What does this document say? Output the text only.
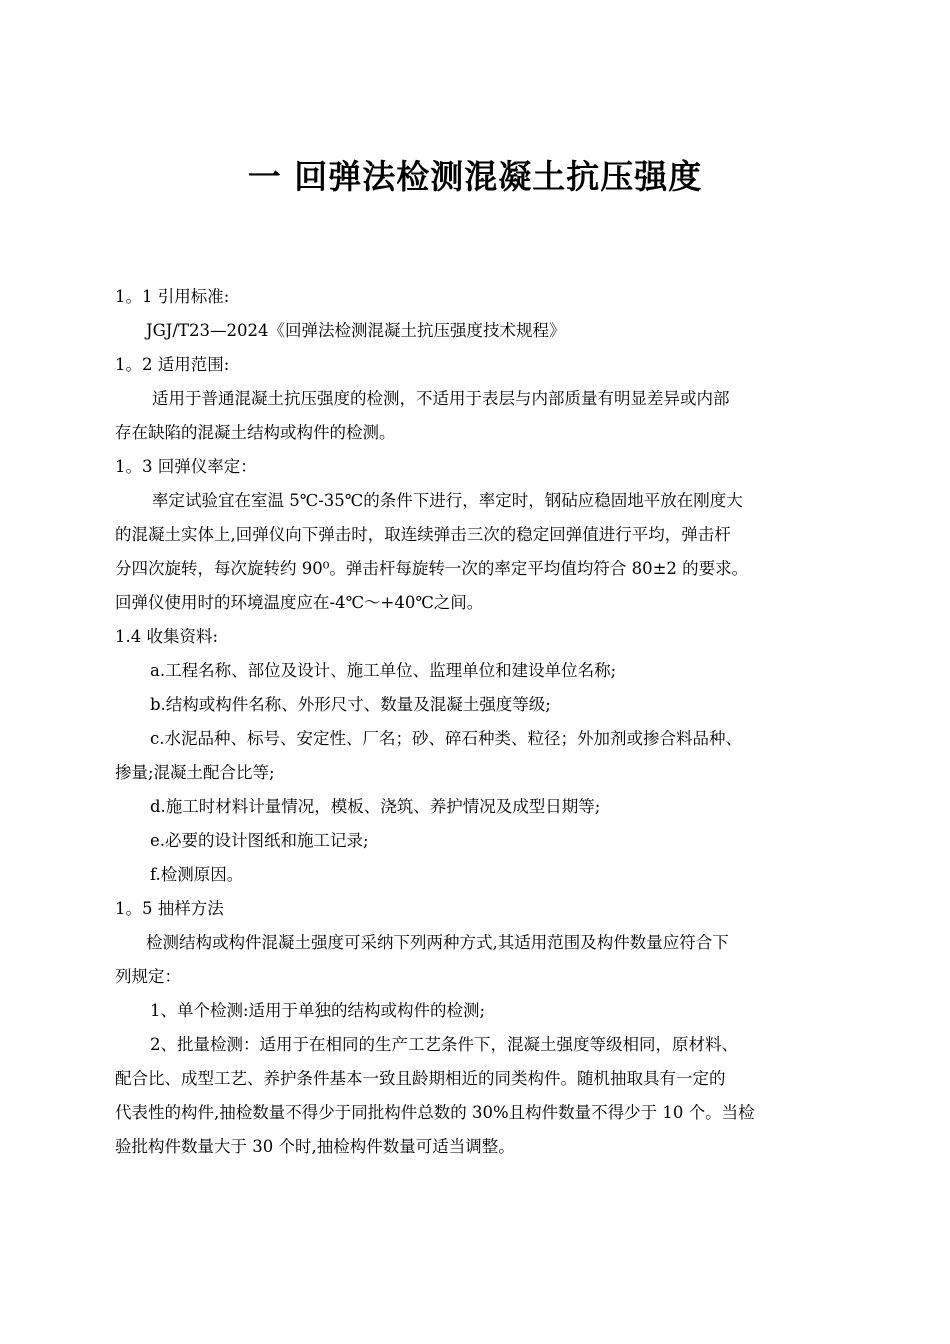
一 回弹法检测混凝土抗压强度

1。1 引用标准:

JGJ/T23—2024《回弹法检测混凝土抗压强度技术规程》

1。2 适用范围:

适用于普通混凝土抗压强度的检测，不适用于表层与内部质量有明显差异或内部

存在缺陷的混凝土结构或构件的检测。

1。3 回弹仪率定：

率定试验宜在室温 5℃-35℃的条件下进行，率定时，钢砧应稳固地平放在刚度大

的混凝土实体上,回弹仪向下弹击时，取连续弹击三次的稳定回弹值进行平均，弹击杆

分四次旋转，每次旋转约 90⁰。弹击杆每旋转一次的率定平均值均符合 80±2 的要求。

回弹仪使用时的环境温度应在-4℃～+40℃之间。

1.4 收集资料:

a.工程名称、部位及设计、施工单位、监理单位和建设单位名称;

b.结构或构件名称、外形尺寸、数量及混凝土强度等级;

c.水泥品种、标号、安定性、厂名；砂、碎石种类、粒径；外加剂或掺合料品种、

掺量;混凝土配合比等;

d.施工时材料计量情况，模板、浇筑、养护情况及成型日期等;

e.必要的设计图纸和施工记录;

f.检测原因。

1。5 抽样方法

检测结构或构件混凝土强度可采纳下列两种方式,其适用范围及构件数量应符合下

列规定：

1、单个检测:适用于单独的结构或构件的检测;

2、批量检测：适用于在相同的生产工艺条件下，混凝土强度等级相同，原材料、

配合比、成型工艺、养护条件基本一致且龄期相近的同类构件。随机抽取具有一定的

代表性的构件,抽检数量不得少于同批构件总数的 30%且构件数量不得少于 10 个。当检

验批构件数量大于 30 个时,抽检构件数量可适当调整。
